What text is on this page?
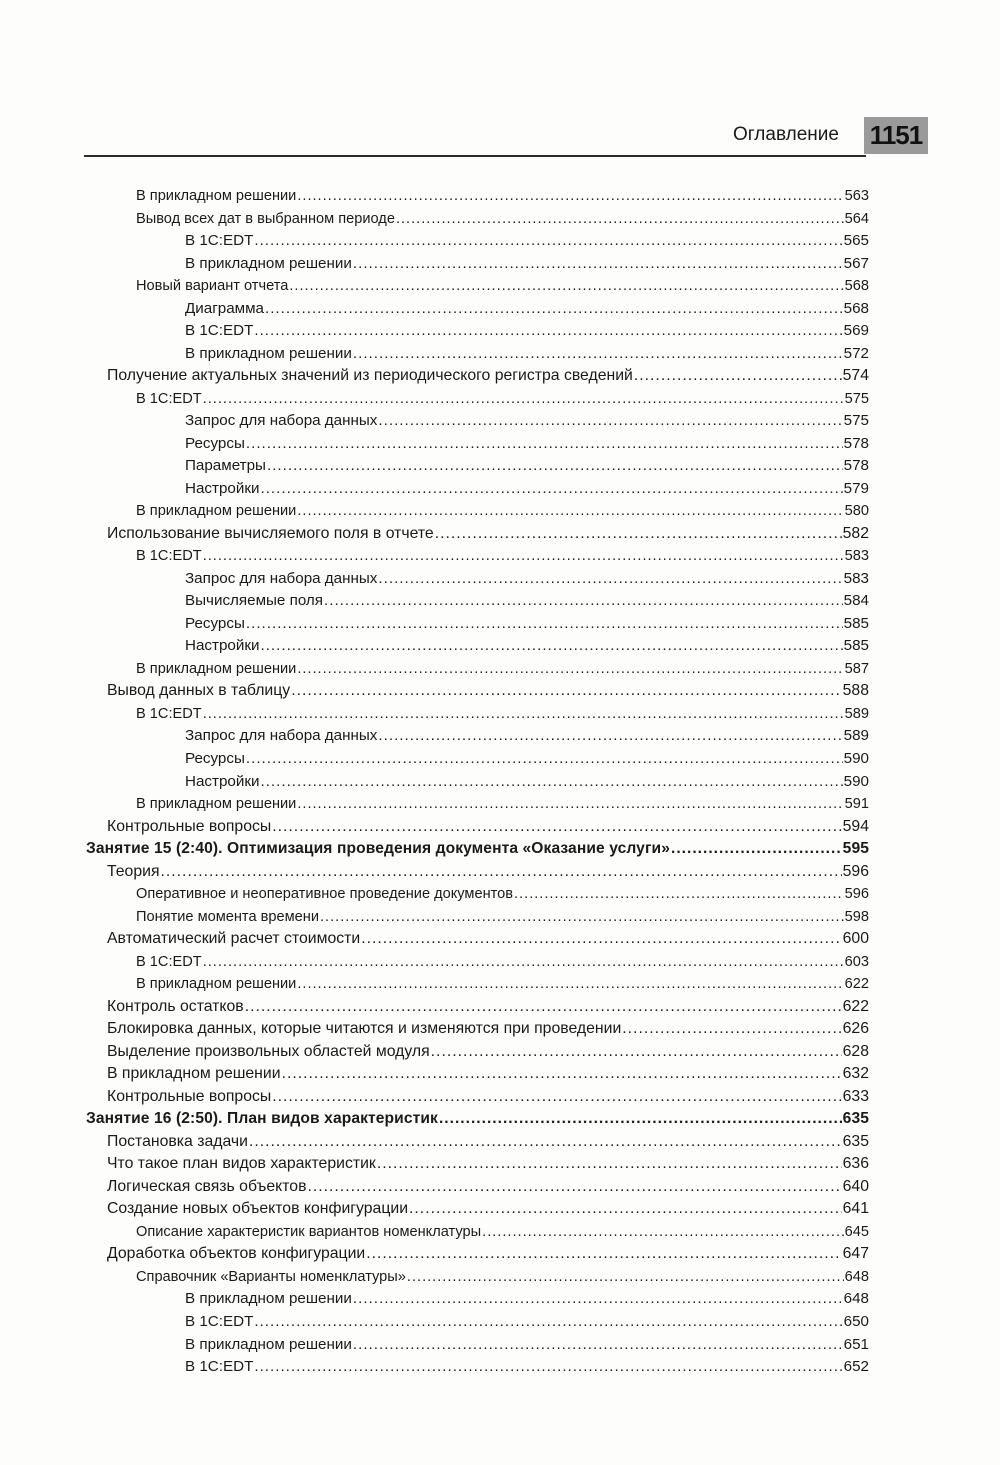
Оглавление 1151
В прикладном решении .....	563
Вывод всех дат в выбранном периоде .....	564
В 1С:EDT .....	565
В прикладном решении .....	567
Новый вариант отчета .....	568
Диаграмма .....	568
В 1С:EDT .....	569
В прикладном решении .....	572
Получение актуальных значений из периодического регистра сведений .....	574
В 1С:EDT .....	575
Запрос для набора данных .....	575
Ресурсы .....	578
Параметры .....	578
Настройки .....	579
В прикладном решении .....	580
Использование вычисляемого поля в отчете .....	582
В 1С:EDT .....	583
Запрос для набора данных .....	583
Вычисляемые поля .....	584
Ресурсы .....	585
Настройки .....	585
В прикладном решении .....	587
Вывод данных в таблицу .....	588
В 1С:EDT .....	589
Запрос для набора данных .....	589
Ресурсы .....	590
Настройки .....	590
В прикладном решении .....	591
Контрольные вопросы .....	594
Занятие 15 (2:40). Оптимизация проведения документа «Оказание услуги» .....	595
Теория .....	596
Оперативное и неоперативное проведение документов .....	596
Понятие момента времени .....	598
Автоматический расчет стоимости .....	600
В 1С:EDT .....	603
В прикладном решении .....	622
Контроль остатков .....	622
Блокировка данных, которые читаются и изменяются при проведении .....	626
Выделение произвольных областей модуля .....	628
В прикладном решении .....	632
Контрольные вопросы .....	633
Занятие 16 (2:50). План видов характеристик .....	635
Постановка задачи .....	635
Что такое план видов характеристик .....	636
Логическая связь объектов .....	640
Создание новых объектов конфигурации .....	641
Описание характеристик вариантов номенклатуры .....	645
Доработка объектов конфигурации .....	647
Справочник «Варианты номенклатуры» .....	648
В прикладном решении .....	648
В 1С:EDT .....	650
В прикладном решении .....	651
В 1С:EDT .....	652
